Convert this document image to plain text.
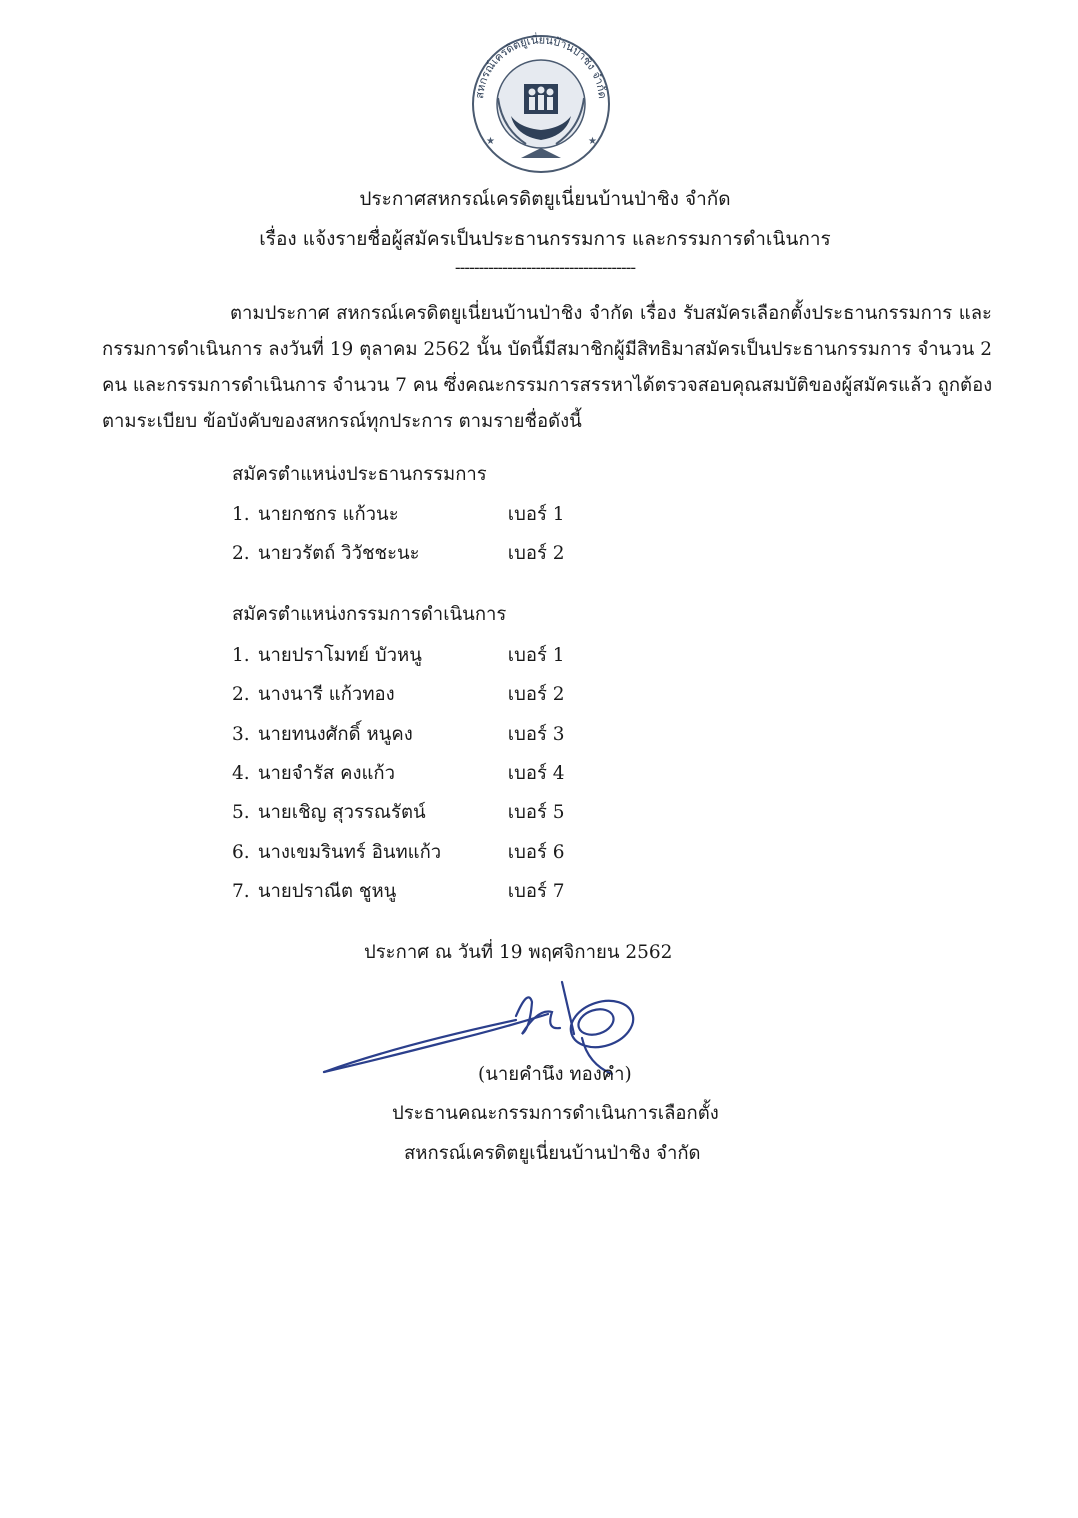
สหกรณ์เครดิตยูเนี่ยนบ้านป่าชิง จำกัด
★	★
ประกาศสหกรณ์เครดิตยูเนี่ยนบ้านป่าชิง จำกัด
เรื่อง แจ้งรายชื่อผู้สมัครเป็นประธานกรรมการ และกรรมการดำเนินการ
--------------------------------------
ตามประกาศ สหกรณ์เครดิตยูเนี่ยนบ้านป่าชิง จำกัด เรื่อง รับสมัครเลือกตั้งประธานกรรมการ และ
กรรมการดำเนินการ ลงวันที่ 19 ตุลาคม 2562 นั้น บัดนี้มีสมาชิกผู้มีสิทธิมาสมัครเป็นประธานกรรมการ จำนวน 2
คน และกรรมการดำเนินการ จำนวน 7 คน ซึ่งคณะกรรมการสรรหาได้ตรวจสอบคุณสมบัติของผู้สมัครแล้ว ถูกต้อง
ตามระเบียบ ข้อบังคับของสหกรณ์ทุกประการ ตามรายชื่อดังนี้
สมัครตำแหน่งประธานกรรมการ
1. นายกชกร แก้วนะ	เบอร์ 1
2. นายวรัตถ์ วิวัชชะนะ	เบอร์ 2
สมัครตำแหน่งกรรมการดำเนินการ
1. นายปราโมทย์ บัวหนู	เบอร์ 1
2. นางนารี แก้วทอง	เบอร์ 2
3. นายทนงศักดิ์ หนูคง	เบอร์ 3
4. นายจำรัส คงแก้ว	เบอร์ 4
5. นายเชิญ สุวรรณรัตน์	เบอร์ 5
6. นางเขมรินทร์ อินทแก้ว	เบอร์ 6
7. นายปราณีต ชูหนู	เบอร์ 7
ประกาศ ณ วันที่ 19 พฤศจิกายน 2562
(นายคำนึง ทองคำ)
ประธานคณะกรรมการดำเนินการเลือกตั้ง
สหกรณ์เครดิตยูเนี่ยนบ้านป่าชิง จำกัด
